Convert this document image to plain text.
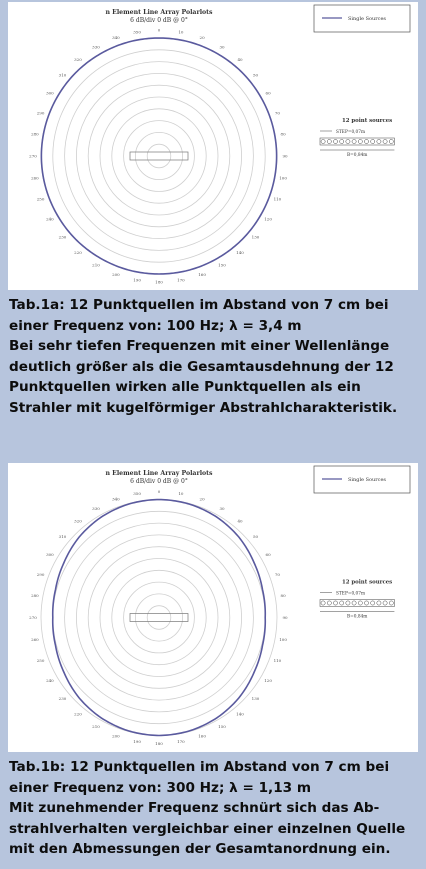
0	10
20
30
40
50
60
70
80
90
100
110
120
130
140
150
160
170
180
190
200
210
220
230
240
250
260
270
280
290
300
310
320
330
340
350
n Element Line Array Polarlots
6 dB/div 0 dB @ 0°	Single Sources
12 point sources
STEP=0,07m
B=0,84m
Tab.1a: 12 Punktquellen im Abstand von 7 cm bei
einer Frequenz von: 100 Hz; λ = 3,4 m
Bei sehr tiefen Frequenzen mit einer Wellenlänge
deutlich größer als die Gesamtausdehnung der 12
Punktquellen wirken alle Punktquellen als ein
Strahler mit kugelförmiger Abstrahlcharakteristik.
0	10
20
30
40
50
60
70
80
90
100
110
120
130
140
150
160
170
180
190
200
210
220
230
240
250
260
270
280
290
300
310
320
330
340
350
n Element Line Array Polarlots
6 dB/div 0 dB @ 0°	Single Sources
12 point sources
STEP=0,07m
B=0,84m
Tab.1b: 12 Punktquellen im Abstand von 7 cm bei
einer Frequenz von: 300 Hz; λ = 1,13 m
Mit zunehmender Frequenz schnürt sich das Ab-
strahlverhalten vergleichbar einer einzelnen Quelle
mit den Abmessungen der Gesamtanordnung ein.
